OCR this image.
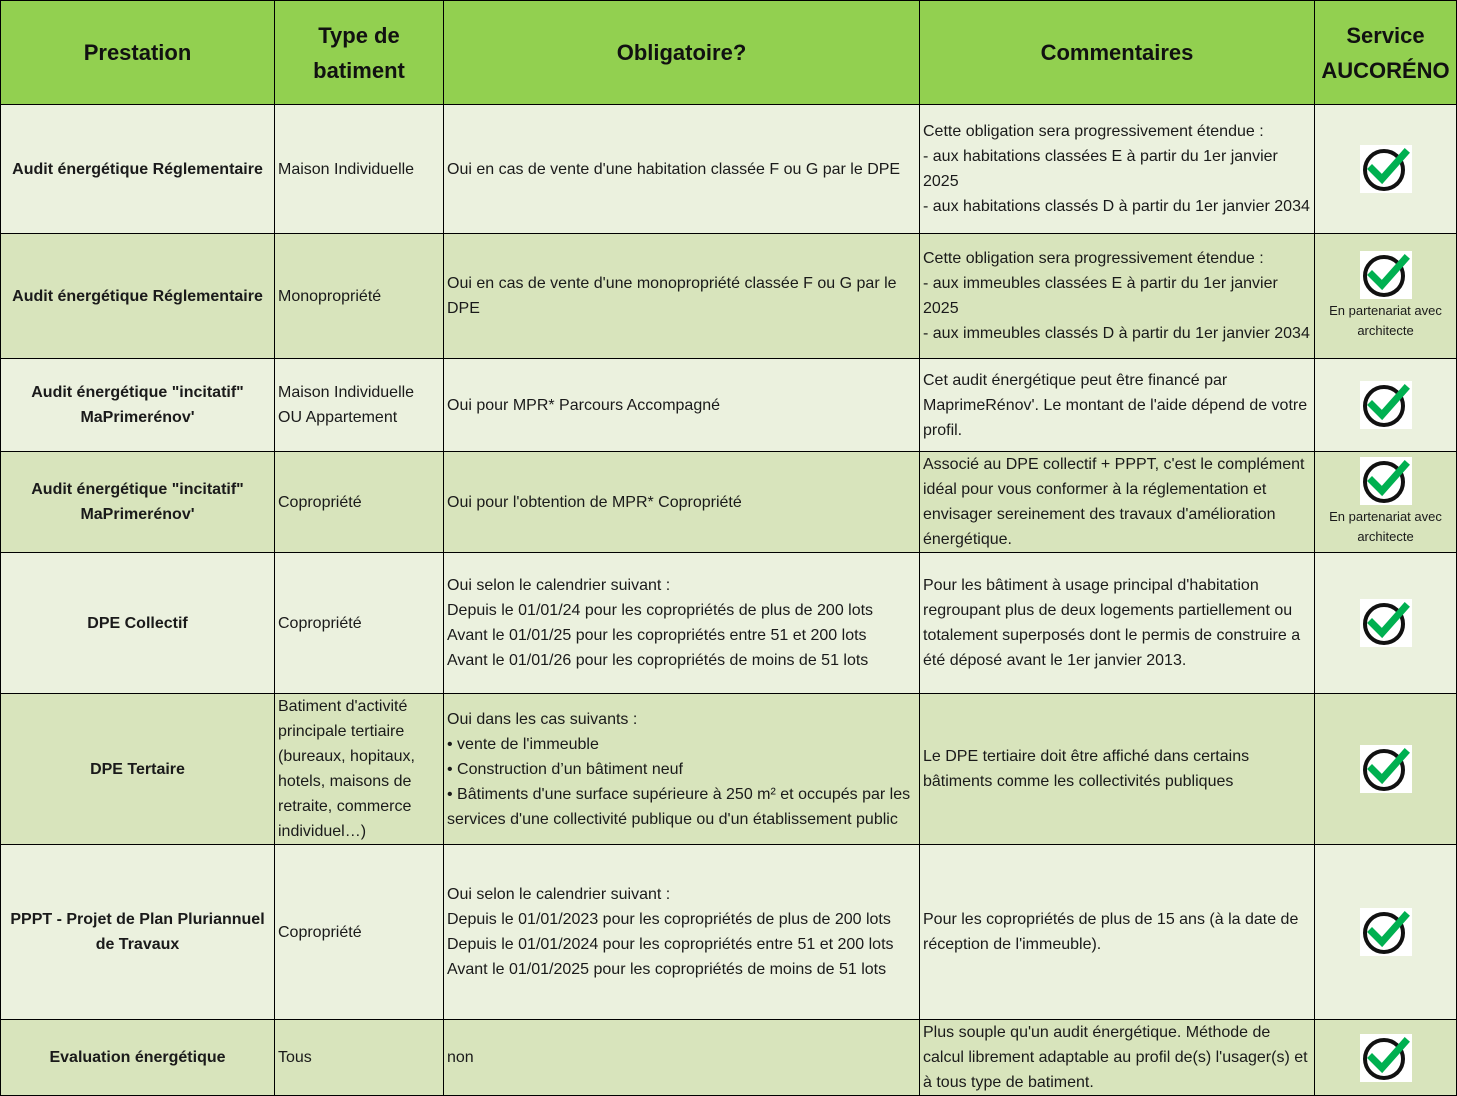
Prestation	Type de batiment	Obligatoire?	Commentaires	Service AUCORÉNO
Audit énergétique Réglementaire	Maison Individuelle	Oui en cas de vente d'une habitation classée F ou G par le DPE	Cette obligation sera progressivement étendue :
- aux habitations classées E à partir du 1er janvier 2025
- aux habitations classés D à partir du 1er janvier 2034	

Audit énergétique Réglementaire	Monopropriété	Oui en cas de vente d'une monopropriété classée F ou G par le DPE	Cette obligation sera progressivement étendue :
- aux immeubles classées E à partir du 1er janvier 2025
- aux immeubles classés D à partir du 1er janvier 2034	En partenariat avec architecte

Audit énergétique "incitatif" MaPrimerénov'	Maison Individuelle OU Appartement	Oui pour MPR* Parcours Accompagné	Cet audit énergétique peut être financé par MaprimeRénov'. Le montant de l'aide dépend de votre profil.	

Audit énergétique "incitatif" MaPrimerénov'	Copropriété	Oui pour l'obtention de MPR* Copropriété	Associé au DPE collectif + PPPT, c'est le complément idéal pour vous conformer à la réglementation et envisager sereinement des travaux d'amélioration énergétique.	En partenariat avec architecte

DPE Collectif	Copropriété	Oui selon le calendrier suivant :
Depuis le 01/01/24 pour les copropriétés de plus de 200 lots
Avant le 01/01/25 pour les copropriétés entre 51 et 200 lots
Avant le 01/01/26 pour les copropriétés de moins de 51 lots	Pour les bâtiment à usage principal d'habitation regroupant plus de deux logements partiellement ou totalement superposés dont le permis de construire a été déposé avant le 1er janvier 2013.	

DPE Tertaire	Batiment d'activité principale tertiaire (bureaux, hopitaux, hotels, maisons de retraite, commerce individuel…)	Oui dans les cas suivants :
• vente de l'immeuble
• Construction d’un bâtiment neuf
• Bâtiments d'une surface supérieure à 250 m² et occupés par les services d'une collectivité publique ou d'un établissement public	Le DPE tertiaire doit être affiché dans certains bâtiments comme les collectivités publiques	

PPPT - Projet de Plan Pluriannuel de Travaux	Copropriété	Oui selon le calendrier suivant :
Depuis le 01/01/2023 pour les copropriétés de plus de 200 lots
Depuis le 01/01/2024 pour les copropriétés entre 51 et 200 lots
Avant le 01/01/2025 pour les copropriétés de moins de 51 lots	Pour les copropriétés de plus de 15 ans (à la date de réception de l'immeuble).	

Evaluation énergétique	Tous	non	Plus souple qu'un audit énergétique. Méthode de calcul librement adaptable au profil de(s) l'usager(s) et à tous type de batiment.	
